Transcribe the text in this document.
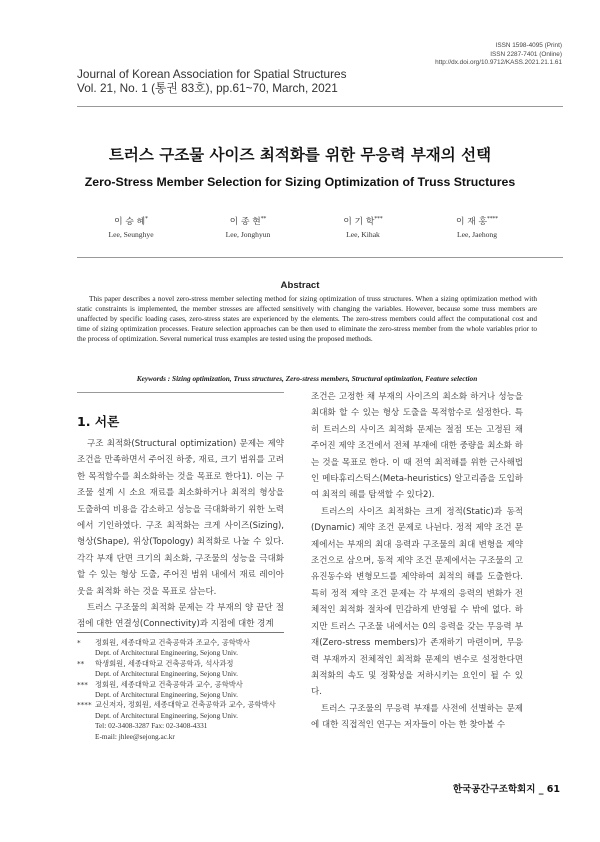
ISSN 1598-4095 (Print)
ISSN 2287-7401 (Online)
http://dx.doi.org/10.9712/KASS.2021.21.1.61
Journal of Korean Association for Spatial Structures
Vol. 21, No. 1 (통권 83호), pp.61~70, March, 2021
트러스 구조물 사이즈 최적화를 위한 무응력 부재의 선택
Zero-Stress Member Selection for Sizing Optimization of Truss Structures
이 승 혜*
Lee, Seunghye
이 종 현**
Lee, Jonghyun
이 기 학***
Lee, Kihak
이 재 홍****
Lee, Jaehong
Abstract
This paper describes a novel zero-stress member selecting method for sizing optimization of truss structures. When a sizing optimization method with static constraints is implemented, the member stresses are affected sensitively with changing the variables. However, because some truss members are unaffected by specific loading cases, zero-stress states are experienced by the elements. The zero-stress members could affect the computational cost and time of sizing optimization processes. Feature selection approaches can be then used to eliminate the zero-stress member from the whole variables prior to the process of optimization. Several numerical truss examples are tested using the proposed methods.
Keywords : Sizing optimization, Truss structures, Zero-stress members, Structural optimization, Feature selection
1. 서론

구조 최적화(Structural optimization) 문제는 제약조건을 만족하면서 주어진 하중, 재료, 크기 범위를 고려한 목적함수를 최소화하는 것을 목표로 한다1). 이는 구조물 설계 시 소요 재료를 최소화하거나 최적의 형상을 도출하여 비용을 감소하고 성능을 극대화하기 위한 노력에서 기인하였다. 구조 최적화는 크게 사이즈(Sizing), 형상(Shape), 위상(Topology) 최적화로 나눌 수 있다. 각각 부재 단면 크기의 최소화, 구조물의 성능을 극대화 할 수 있는 형상 도출, 주어진 범위 내에서 재료 레이아웃을 최적화 하는 것을 목표로 삼는다.

트러스 구조물의 최적화 문제는 각 부재의 양 끝단 절점에 대한 연결성(Connectivity)과 지점에 대한 경계

조건은 고정한 채 부재의 사이즈의 최소화 하거나 성능을 최대화 할 수 있는 형상 도출을 목적함수로 설정한다. 특히 트러스의 사이즈 최적화 문제는 절점 또는 고정된 채 주어진 제약 조건에서 전체 부재에 대한 중량을 최소화 하는 것을 목표로 한다. 이 때 전역 최적해를 위한 근사해법인 메타휴리스틱스(Meta-heuristics) 알고리즘을 도입하여 최적의 해를 탐색할 수 있다2).

트러스의 사이즈 최적화는 크게 정적(Static)과 동적(Dynamic) 제약 조건 문제로 나뉜다. 정적 제약 조건 문제에서는 부재의 최대 응력과 구조물의 최대 변형을 제약 조건으로 삼으며, 동적 제약 조건 문제에서는 구조물의 고유진동수와 변형모드를 제약하여 최적의 해를 도출한다. 특히 정적 제약 조건 문제는 각 부재의 응력의 변화가 전체적인 최적화 절차에 민감하게 반영될 수 밖에 없다. 하지만 트러스 구조물 내에서는 0의 응력을 갖는 무응력 부재(Zero-stress members)가 존재하기 마련이며, 무응력 부재까지 전체적인 최적화 문제의 변수로 설정한다면 최적화의 속도 및 정확성을 저하시키는 요인이 될 수 있다.

트러스 구조물의 무응력 부재를 사전에 선별하는 문제에 대한 직접적인 연구는 저자들이 아는 한 찾아볼 수

* 정회원, 세종대학교 건축공학과 조교수, 공학박사
Dept. of Architectural Engineering, Sejong Univ.
** 학생회원, 세종대학교 건축공학과, 석사과정
Dept. of Architectural Engineering, Sejong Univ.
*** 정회원, 세종대학교 건축공학과 교수, 공학박사
Dept. of Architectural Engineering, Sejong Univ.
**** 교신저자, 정회원, 세종대학교 건축공학과 교수, 공학박사
Dept. of Architectural Engineering, Sejong Univ.
Tel: 02-3408-3287 Fax: 02-3408-4331
E-mail: jhlee@sejong.ac.kr
한국공간구조학회지 _ 61
